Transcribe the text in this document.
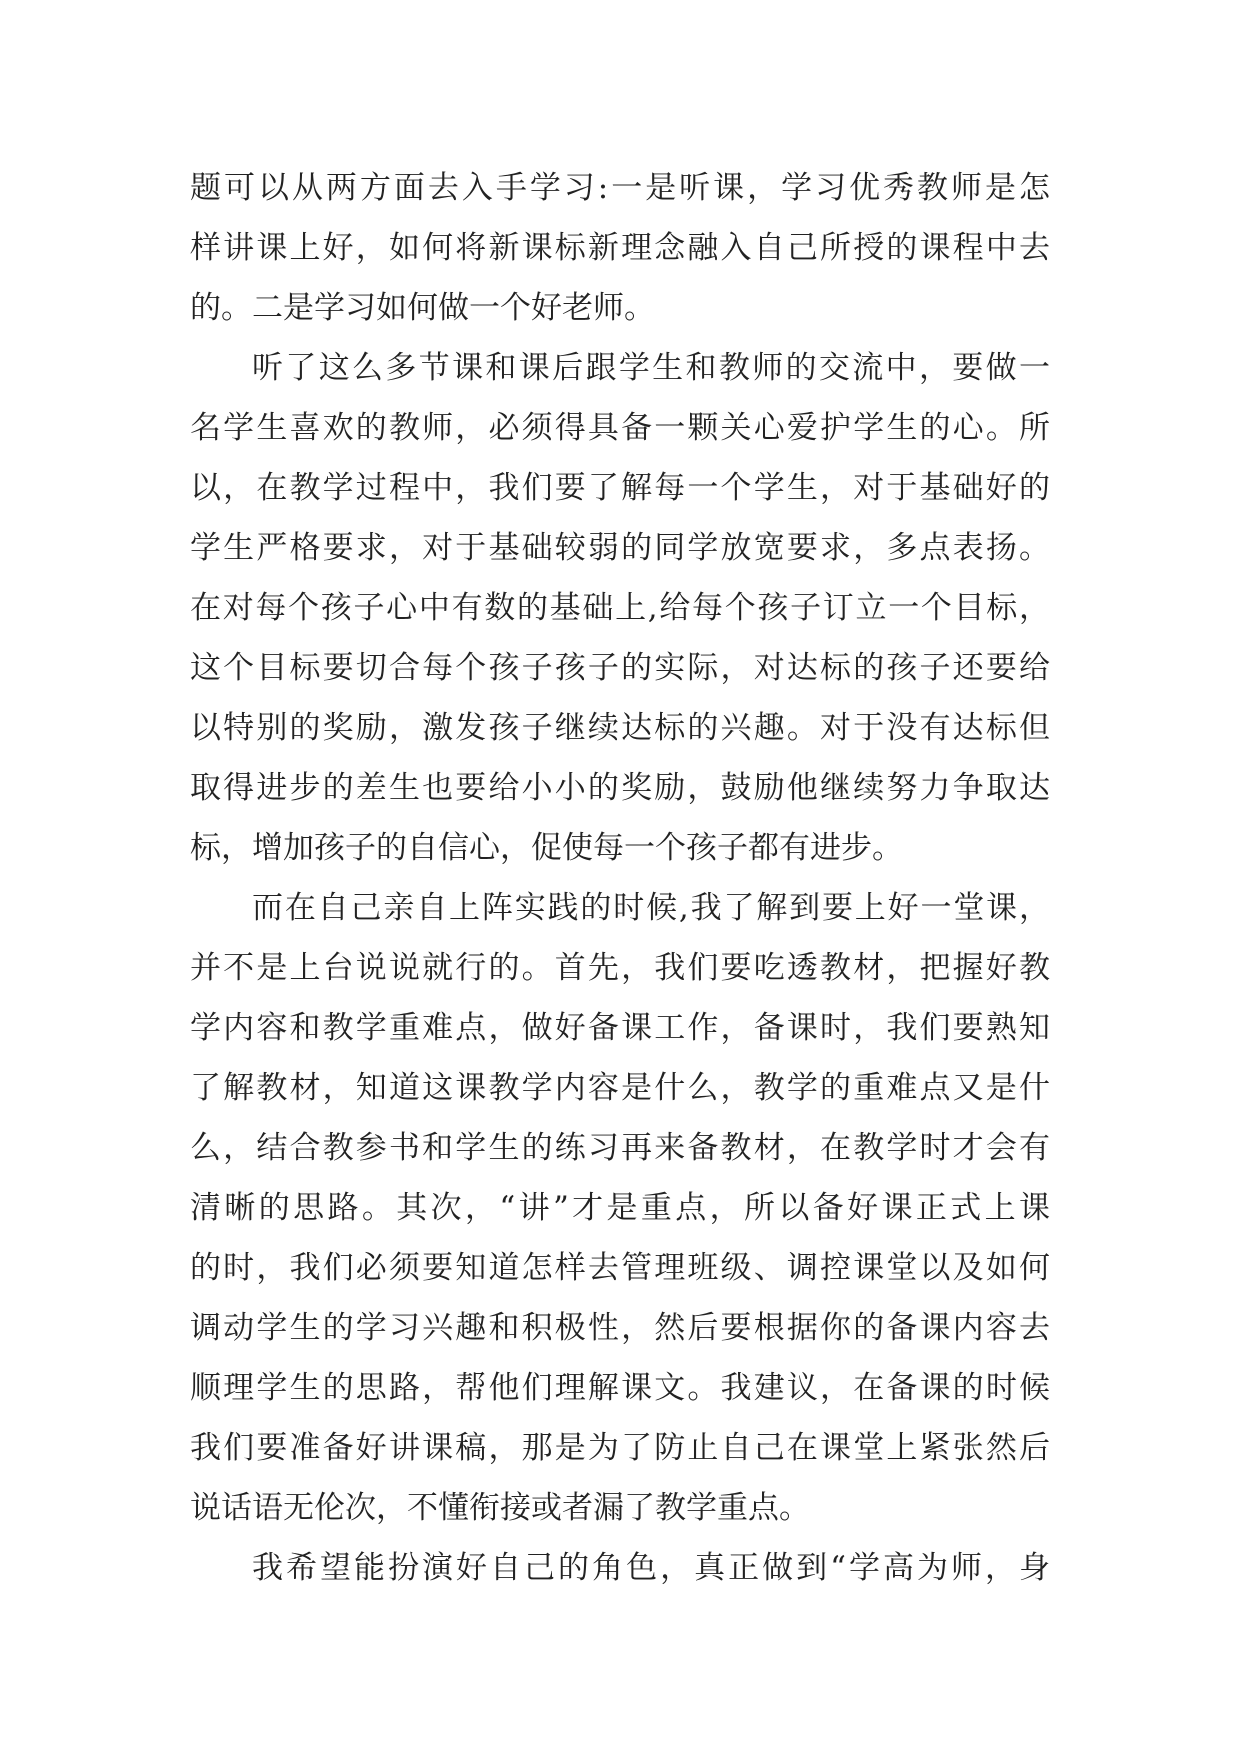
题可以从两方面去入手学习:一是听课，学习优秀教师是怎
样讲课上好，如何将新课标新理念融入自己所授的课程中去
的。二是学习如何做一个好老师。
听了这么多节课和课后跟学生和教师的交流中，要做一
名学生喜欢的教师，必须得具备一颗关心爱护学生的心。所
以，在教学过程中，我们要了解每一个学生，对于基础好的
学生严格要求，对于基础较弱的同学放宽要求，多点表扬。
在对每个孩子心中有数的基础上,给每个孩子订立一个目标，
这个目标要切合每个孩子孩子的实际，对达标的孩子还要给
以特别的奖励，激发孩子继续达标的兴趣。对于没有达标但
取得进步的差生也要给小小的奖励，鼓励他继续努力争取达
标，增加孩子的自信心，促使每一个孩子都有进步。
而在自己亲自上阵实践的时候,我了解到要上好一堂课，
并不是上台说说就行的。首先，我们要吃透教材，把握好教
学内容和教学重难点，做好备课工作，备课时，我们要熟知
了解教材，知道这课教学内容是什么，教学的重难点又是什
么，结合教参书和学生的练习再来备教材，在教学时才会有
清晰的思路。其次，“讲”才是重点，所以备好课正式上课
的时，我们必须要知道怎样去管理班级、调控课堂以及如何
调动学生的学习兴趣和积极性，然后要根据你的备课内容去
顺理学生的思路，帮他们理解课文。我建议，在备课的时候
我们要准备好讲课稿，那是为了防止自己在课堂上紧张然后
说话语无伦次，不懂衔接或者漏了教学重点。
我希望能扮演好自己的角色，真正做到“学高为师，身
